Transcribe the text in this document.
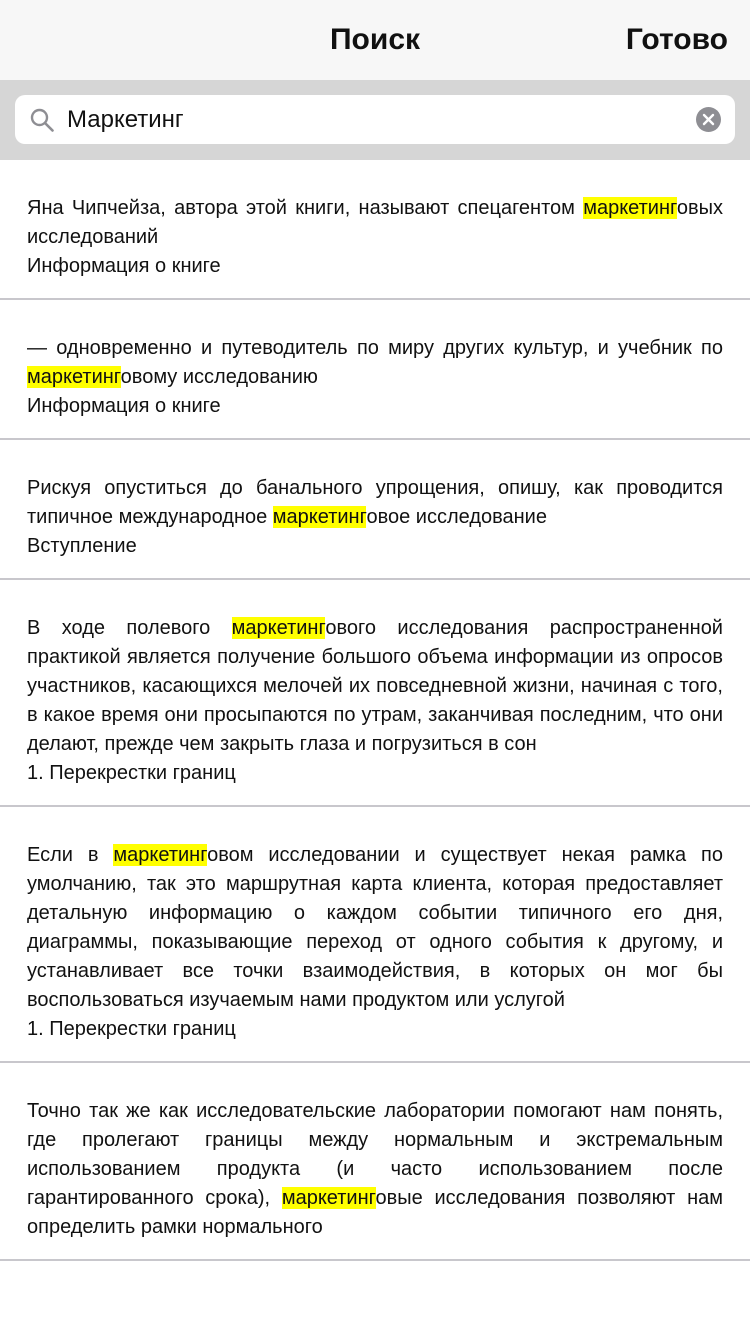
Поиск	Готово
Маркетинг
Яна Чипчейза, автора этой книги, называют спецагентом маркетинговых исследований
Информация о книге
— одновременно и путеводитель по миру других культур, и учебник по маркетинговому исследованию
Информация о книге
Рискуя опуститься до банального упрощения, опишу, как проводится типичное международное маркетинговое исследование
Вступление
В ходе полевого маркетингового исследования распространенной практикой является получение большого объема информации из опросов участников, касающихся мелочей их повседневной жизни, начиная с того, в какое время они просыпаются по утрам, заканчивая последним, что они делают, прежде чем закрыть глаза и погрузиться в сон
1. Перекрестки границ
Если в маркетинговом исследовании и существует некая рамка по умолчанию, так это маршрутная карта клиента, которая предоставляет детальную информацию о каждом событии типичного его дня, диаграммы, показывающие переход от одного события к другому, и устанавливает все точки взаимодействия, в которых он мог бы воспользоваться изучаемым нами продуктом или услугой
1. Перекрестки границ
Точно так же как исследовательские лаборатории помогают нам понять, где пролегают границы между нормальным и экстремальным использованием продукта (и часто использованием после гарантированного срока), маркетинговые исследования позволяют нам определить рамки нормального
